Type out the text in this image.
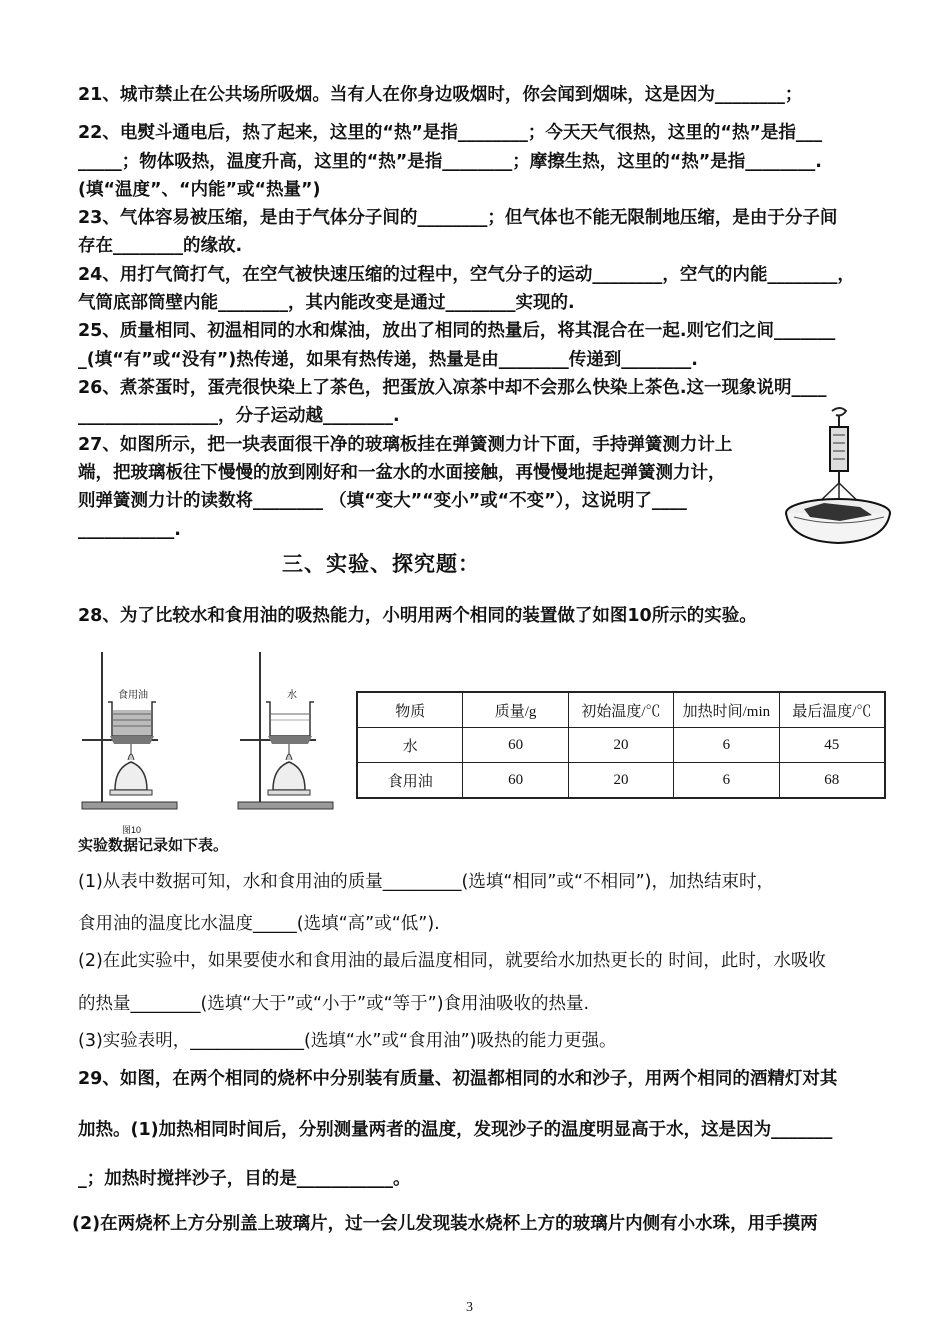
21、城市禁止在公共场所吸烟。当有人在你身边吸烟时，你会闻到烟味，这是因为________；
22、电熨斗通电后，热了起来，这里的“热”是指________；今天天气很热，这里的“热”是指___
_____；物体吸热，温度升高，这里的“热”是指________；摩擦生热，这里的“热”是指________.
(填“温度”、“内能”或“热量”)
23、气体容易被压缩，是由于气体分子间的________；但气体也不能无限制地压缩，是由于分子间
存在________的缘故.
24、用打气筒打气，在空气被快速压缩的过程中，空气分子的运动________，空气的内能________，
气筒底部筒壁内能________，其内能改变是通过________实现的.
25、质量相同、初温相同的水和煤油，放出了相同的热量后，将其混合在一起.则它们之间_______
_(填“有”或“没有”)热传递，如果有热传递，热量是由________传递到________.
26、煮茶蛋时，蛋壳很快染上了茶色，把蛋放入凉茶中却不会那么快染上茶色.这一现象说明____
________________，分子运动越________.
27、如图所示，把一块表面很干净的玻璃板挂在弹簧测力计下面，手持弹簧测力计上
端，把玻璃板往下慢慢的放到刚好和一盆水的水面接触，再慢慢地提起弹簧测力计，
则弹簧测力计的读数将________ （填“变大”“变小”或“不变”），这说明了____
___________.
三、实验、探究题：
28、为了比较水和食用油的吸热能力，小明用两个相同的装置做了如图10所示的实验。
食用油	水
图10
物质	质量/g	初始温度/℃	加热时间/min	最后温度/℃
水	60	20	6	45
食用油	60	20	6	68
实验数据记录如下表。
(1)从表中数据可知，水和食用油的质量_________(选填“相同”或“不相同”)，加热结束时，
食用油的温度比水温度_____(选填“高”或“低”).
(2)在此实验中，如果要使水和食用油的最后温度相同，就要给水加热更长的 时间，此时，水吸收
的热量________(选填“大于”或“小于”或“等于”)食用油吸收的热量.
(3)实验表明，_____________(选填“水”或“食用油”)吸热的能力更强。
29、如图，在两个相同的烧杯中分别装有质量、初温都相同的水和沙子，用两个相同的酒精灯对其
加热。(1)加热相同时间后，分别测量两者的温度，发现沙子的温度明显高于水，这是因为_______
_；加热时搅拌沙子，目的是___________。
(2)在两烧杯上方分别盖上玻璃片，过一会儿发现装水烧杯上方的玻璃片内侧有小水珠，用手摸两
3
